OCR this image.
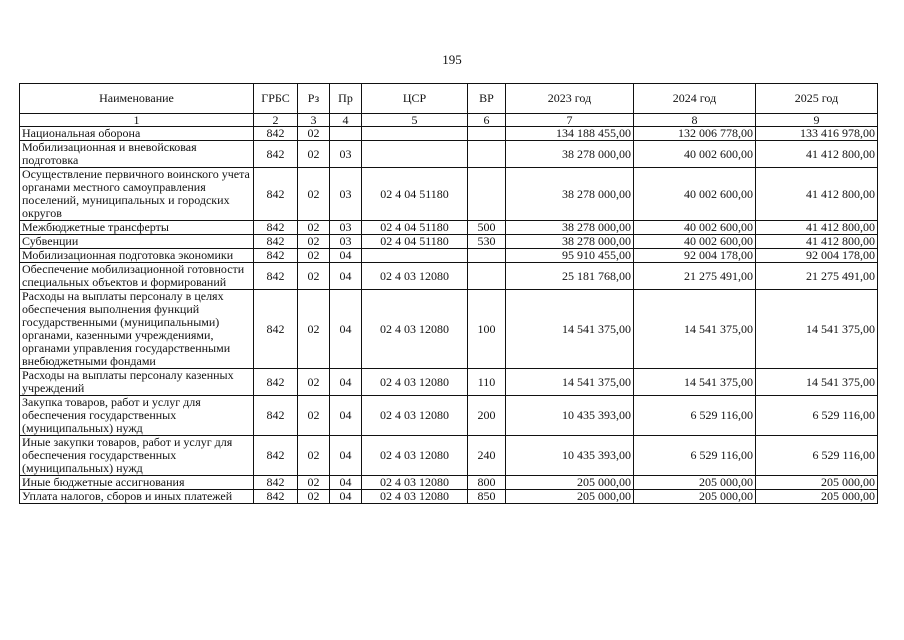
195
Наименование	ГРБС	Рз	Пр	ЦСР	ВР	2023 год	2024 год	2025 год
1	2	3	4	5	6	7	8	9
Национальная оборона	842	02				134 188 455,00	132 006 778,00	133 416 978,00
Мобилизационная и вневойсковая подготовка	842	02	03			38 278 000,00	40 002 600,00	41 412 800,00
Осуществление первичного воинского учета органами местного самоуправления поселений, муниципальных и городских округов	842	02	03	02 4 04 51180		38 278 000,00	40 002 600,00	41 412 800,00
Межбюджетные трансферты	842	02	03	02 4 04 51180	500	38 278 000,00	40 002 600,00	41 412 800,00
Субвенции	842	02	03	02 4 04 51180	530	38 278 000,00	40 002 600,00	41 412 800,00
Мобилизационная подготовка экономики	842	02	04			95 910 455,00	92 004 178,00	92 004 178,00
Обеспечение мобилизационной готовности специальных объектов и формирований	842	02	04	02 4 03 12080		25 181 768,00	21 275 491,00	21 275 491,00
Расходы на выплаты персоналу в целях обеспечения выполнения функций государственными (муниципальными) органами, казенными учреждениями, органами управления государственными внебюджетными фондами	842	02	04	02 4 03 12080	100	14 541 375,00	14 541 375,00	14 541 375,00
Расходы на выплаты персоналу казенных учреждений	842	02	04	02 4 03 12080	110	14 541 375,00	14 541 375,00	14 541 375,00
Закупка товаров, работ и услуг для обеспечения государственных (муниципальных) нужд	842	02	04	02 4 03 12080	200	10 435 393,00	6 529 116,00	6 529 116,00
Иные закупки товаров, работ и услуг для обеспечения государственных (муниципальных) нужд	842	02	04	02 4 03 12080	240	10 435 393,00	6 529 116,00	6 529 116,00
Иные бюджетные ассигнования	842	02	04	02 4 03 12080	800	205 000,00	205 000,00	205 000,00
Уплата налогов, сборов и иных платежей	842	02	04	02 4 03 12080	850	205 000,00	205 000,00	205 000,00
